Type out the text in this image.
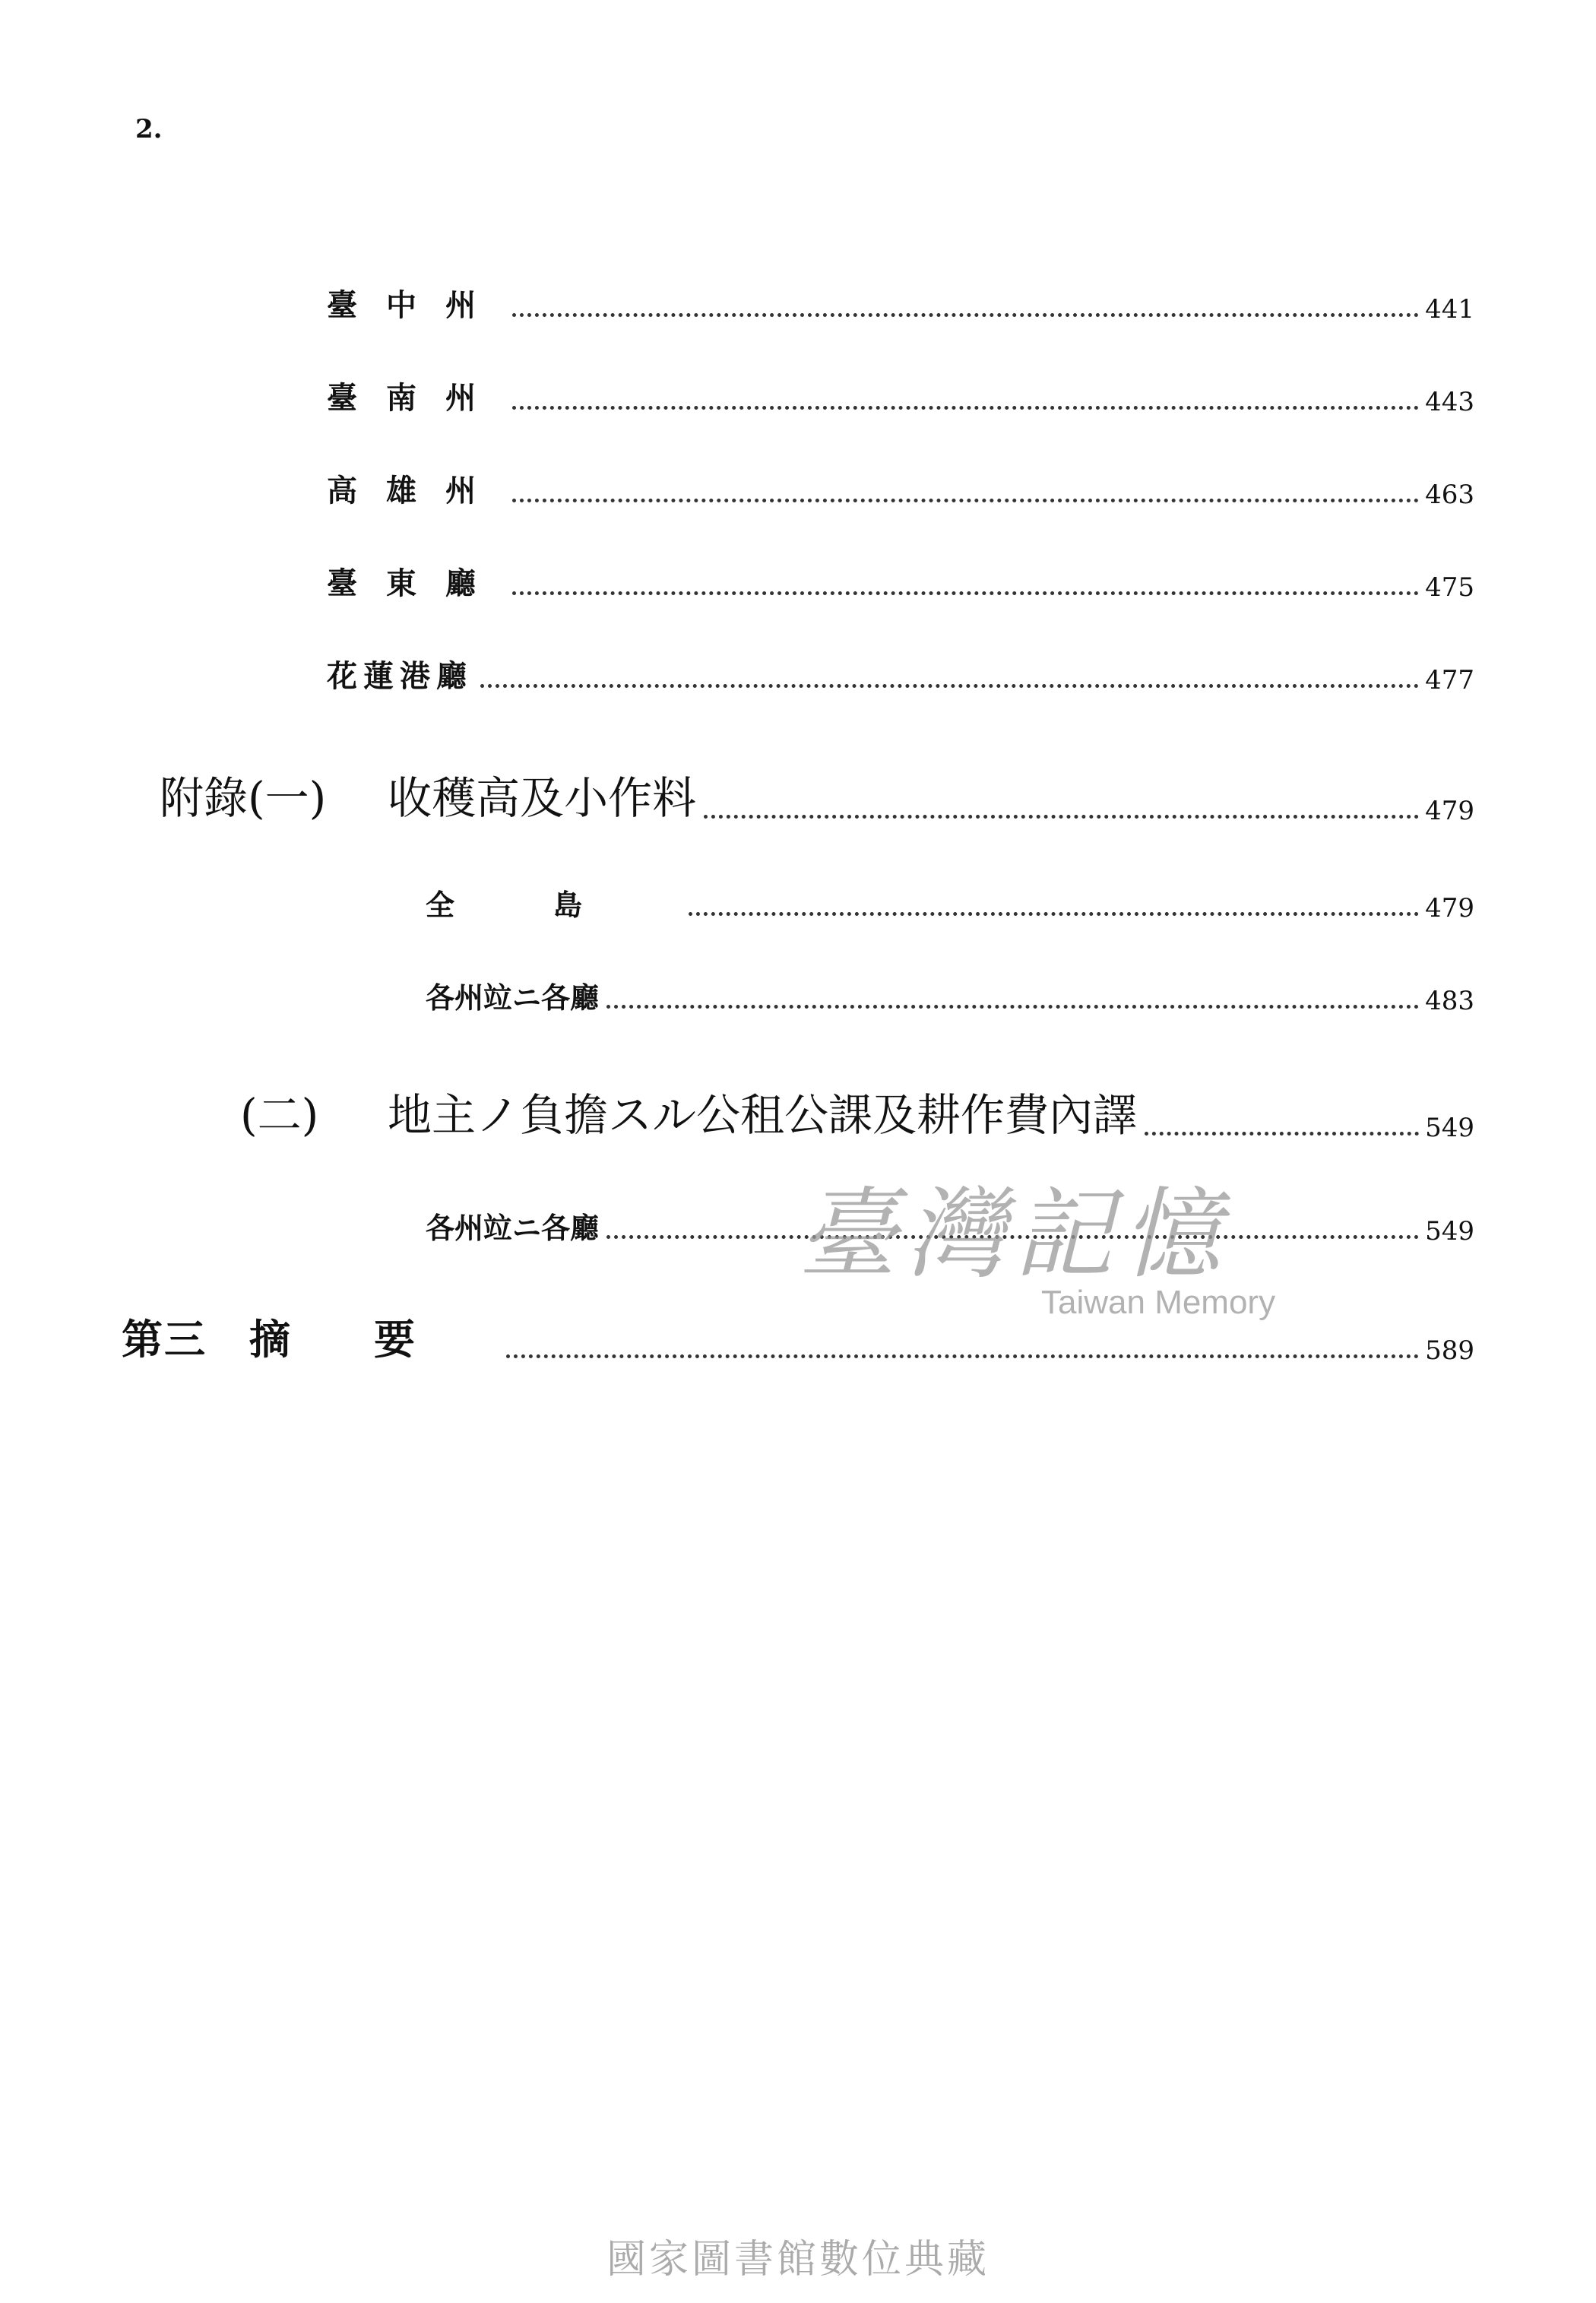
2.
臺中州	441
臺南州	443
高雄州	463
臺東廳	475
花蓮港廳	477
附錄(一) 收穫高及小作料	479
全島	479
各州竝ニ各廳	483
(二) 地主ノ負擔スル公租公課及耕作費內譯	549
各州竝ニ各廳	549
第三 摘要	589
臺灣記憶
Taiwan Memory
國家圖書館數位典藏
